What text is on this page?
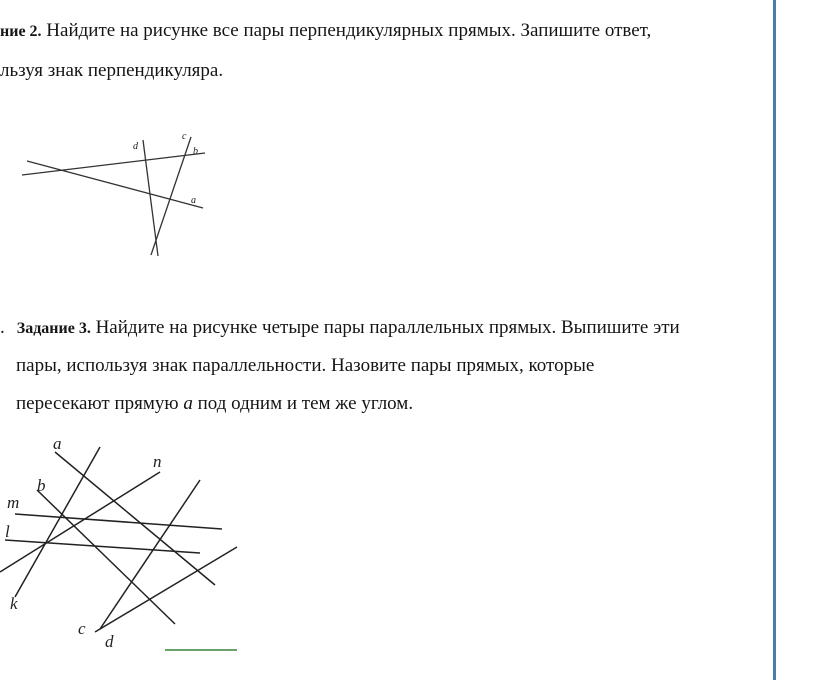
ние 2. Найдите на рисунке все пары перпендикулярных прямых. Запишите ответ,
льзуя знак перпендикуляра.
d
c
b
a
. Задание 3. Найдите на рисунке четыре пары параллельных прямых. Выпишите эти
пары, используя знак параллельности. Назовите пары прямых, которые
пересекают прямую a под одним и тем же углом.
a
n
b
m
l
k
c
d
